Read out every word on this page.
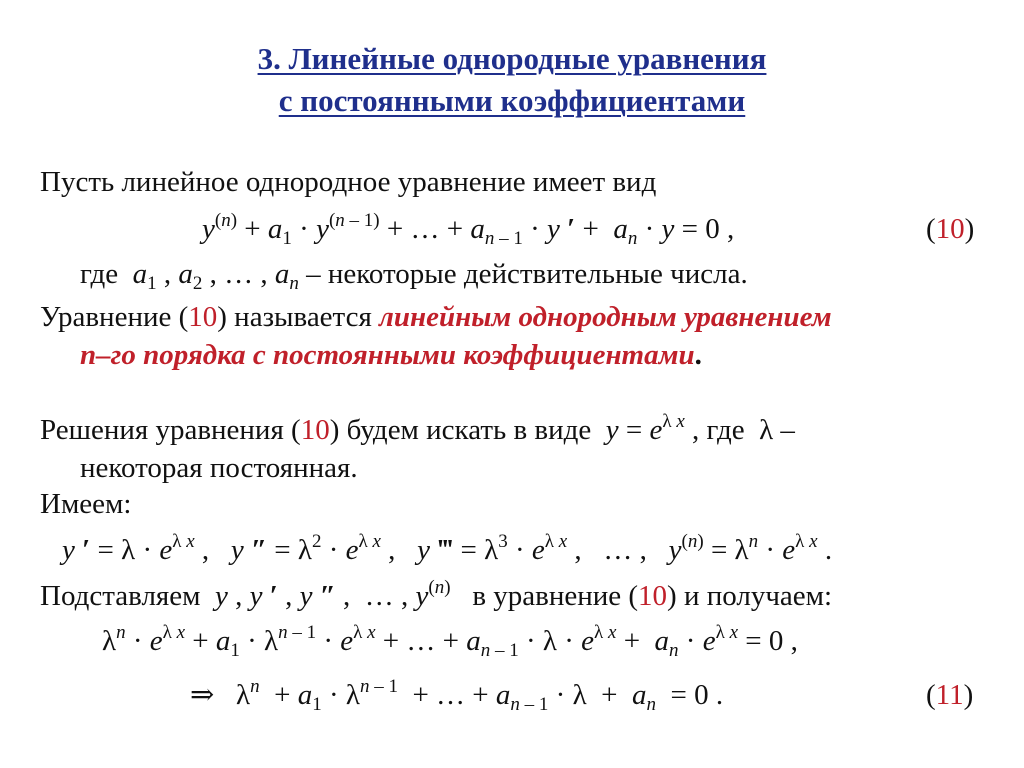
3. Линейные однородные уравнения
с постоянными коэффициентами
Пусть линейное однородное уравнение имеет вид
$y^{(n)} + a_1 \cdot y^{(n - 1)}$ + … + $a_{n - 1} \cdot y$ ′ +  $a_n \cdot y = 0$ ,	(10)
где $a_1$ , $a_2$ , … , $a_n$ – некоторые действительные числа.
Уравнение (10) называется линейным однородным уравнением
n–го порядка с постоянными коэффициентами.
Решения уравнения (10) будем искать в виде $y = e^{\lambda x}$ , где  λ –
некоторая постоянная.
Имеем:
y ′ = $\lambda \cdot e^{\lambda x}$ ,   y ″ = $\lambda^2 \cdot e^{\lambda x}$ ,   y ‴ = $\lambda^3 \cdot e^{\lambda x}$ ,   … ,   $y^{(n)} = \lambda^n \cdot e^{\lambda x}$ .
Подставляем y , y ′ , y ″ ,  … , $y^{(n)}$ в уравнение (10) и получаем:
$\lambda^n \cdot e^{\lambda x} + a_1 \cdot \lambda^{n - 1} \cdot e^{\lambda x}$ + … + $a_{n - 1} \cdot \lambda \cdot e^{\lambda x} + a_n \cdot e^{\lambda x} = 0$ ,
⇒   $\lambda^n + a_1 \cdot \lambda^{n - 1}$  + … + $a_{n - 1} \cdot \lambda + a_n = 0$ .	(11)
